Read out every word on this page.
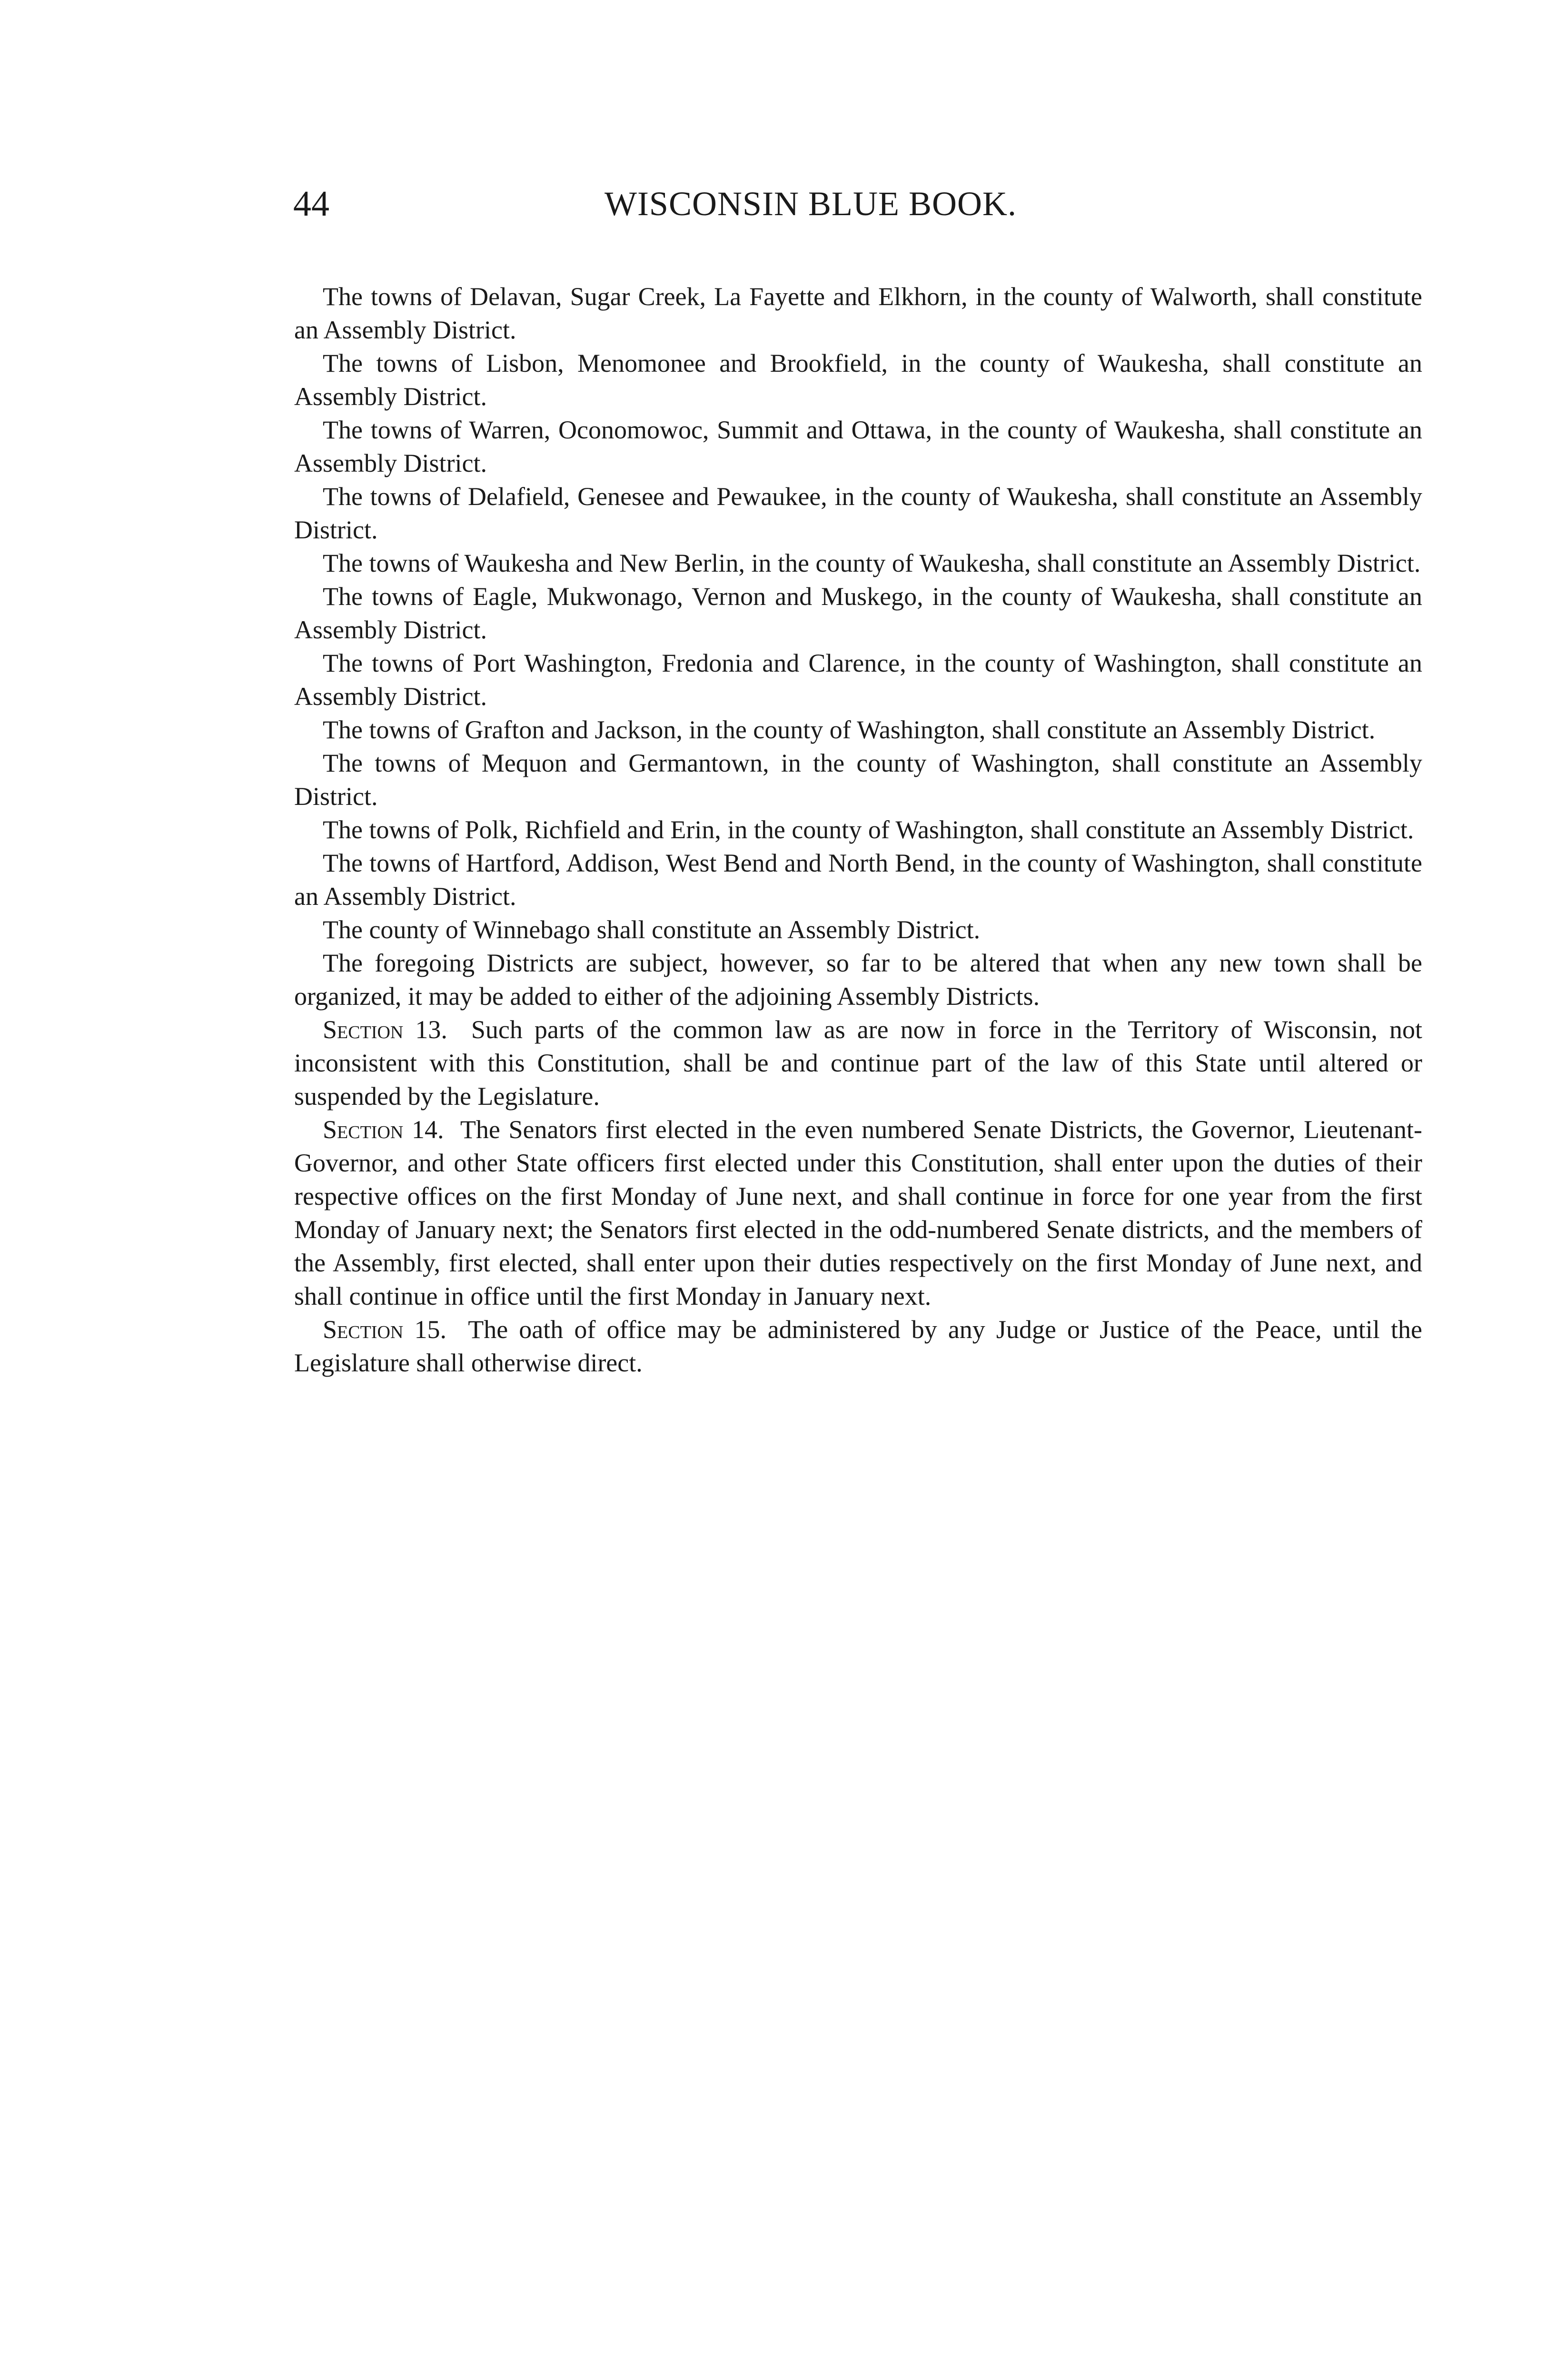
44	WISCONSIN BLUE BOOK.

The towns of Delavan, Sugar Creek, La Fayette and Elkhorn, in the county of Walworth, shall constitute an Assembly District.

The towns of Lisbon, Menomonee and Brookfield, in the county of Waukesha, shall constitute an Assembly District.

The towns of Warren, Oconomowoc, Summit and Ottawa, in the county of Waukesha, shall constitute an Assembly District.

The towns of Delafield, Genesee and Pewaukee, in the county of Waukesha, shall constitute an Assembly District.

The towns of Waukesha and New Berlin, in the county of Waukesha, shall constitute an Assembly District.

The towns of Eagle, Mukwonago, Vernon and Muskego, in the county of Waukesha, shall constitute an Assembly District.

The towns of Port Washington, Fredonia and Clarence, in the county of Washington, shall constitute an Assembly District.

The towns of Grafton and Jackson, in the county of Washington, shall constitute an Assembly District.

The towns of Mequon and Germantown, in the county of Washington, shall constitute an Assembly District.

The towns of Polk, Richfield and Erin, in the county of Washington, shall constitute an Assembly District.

The towns of Hartford, Addison, West Bend and North Bend, in the county of Washington, shall constitute an Assembly District.

The county of Winnebago shall constitute an Assembly District.

The foregoing Districts are subject, however, so far to be altered that when any new town shall be organized, it may be added to either of the adjoining Assembly Districts.

Section 13. Such parts of the common law as are now in force in the Territory of Wisconsin, not inconsistent with this Constitution, shall be and continue part of the law of this State until altered or suspended by the Legislature.

Section 14. The Senators first elected in the even numbered Senate Districts, the Governor, Lieutenant-Governor, and other State officers first elected under this Constitution, shall enter upon the duties of their respective offices on the first Monday of June next, and shall continue in force for one year from the first Monday of January next; the Senators first elected in the odd-numbered Senate districts, and the members of the Assembly, first elected, shall enter upon their duties respectively on the first Monday of June next, and shall continue in office until the first Monday in January next.

Section 15. The oath of office may be administered by any Judge or Justice of the Peace, until the Legislature shall otherwise direct.
